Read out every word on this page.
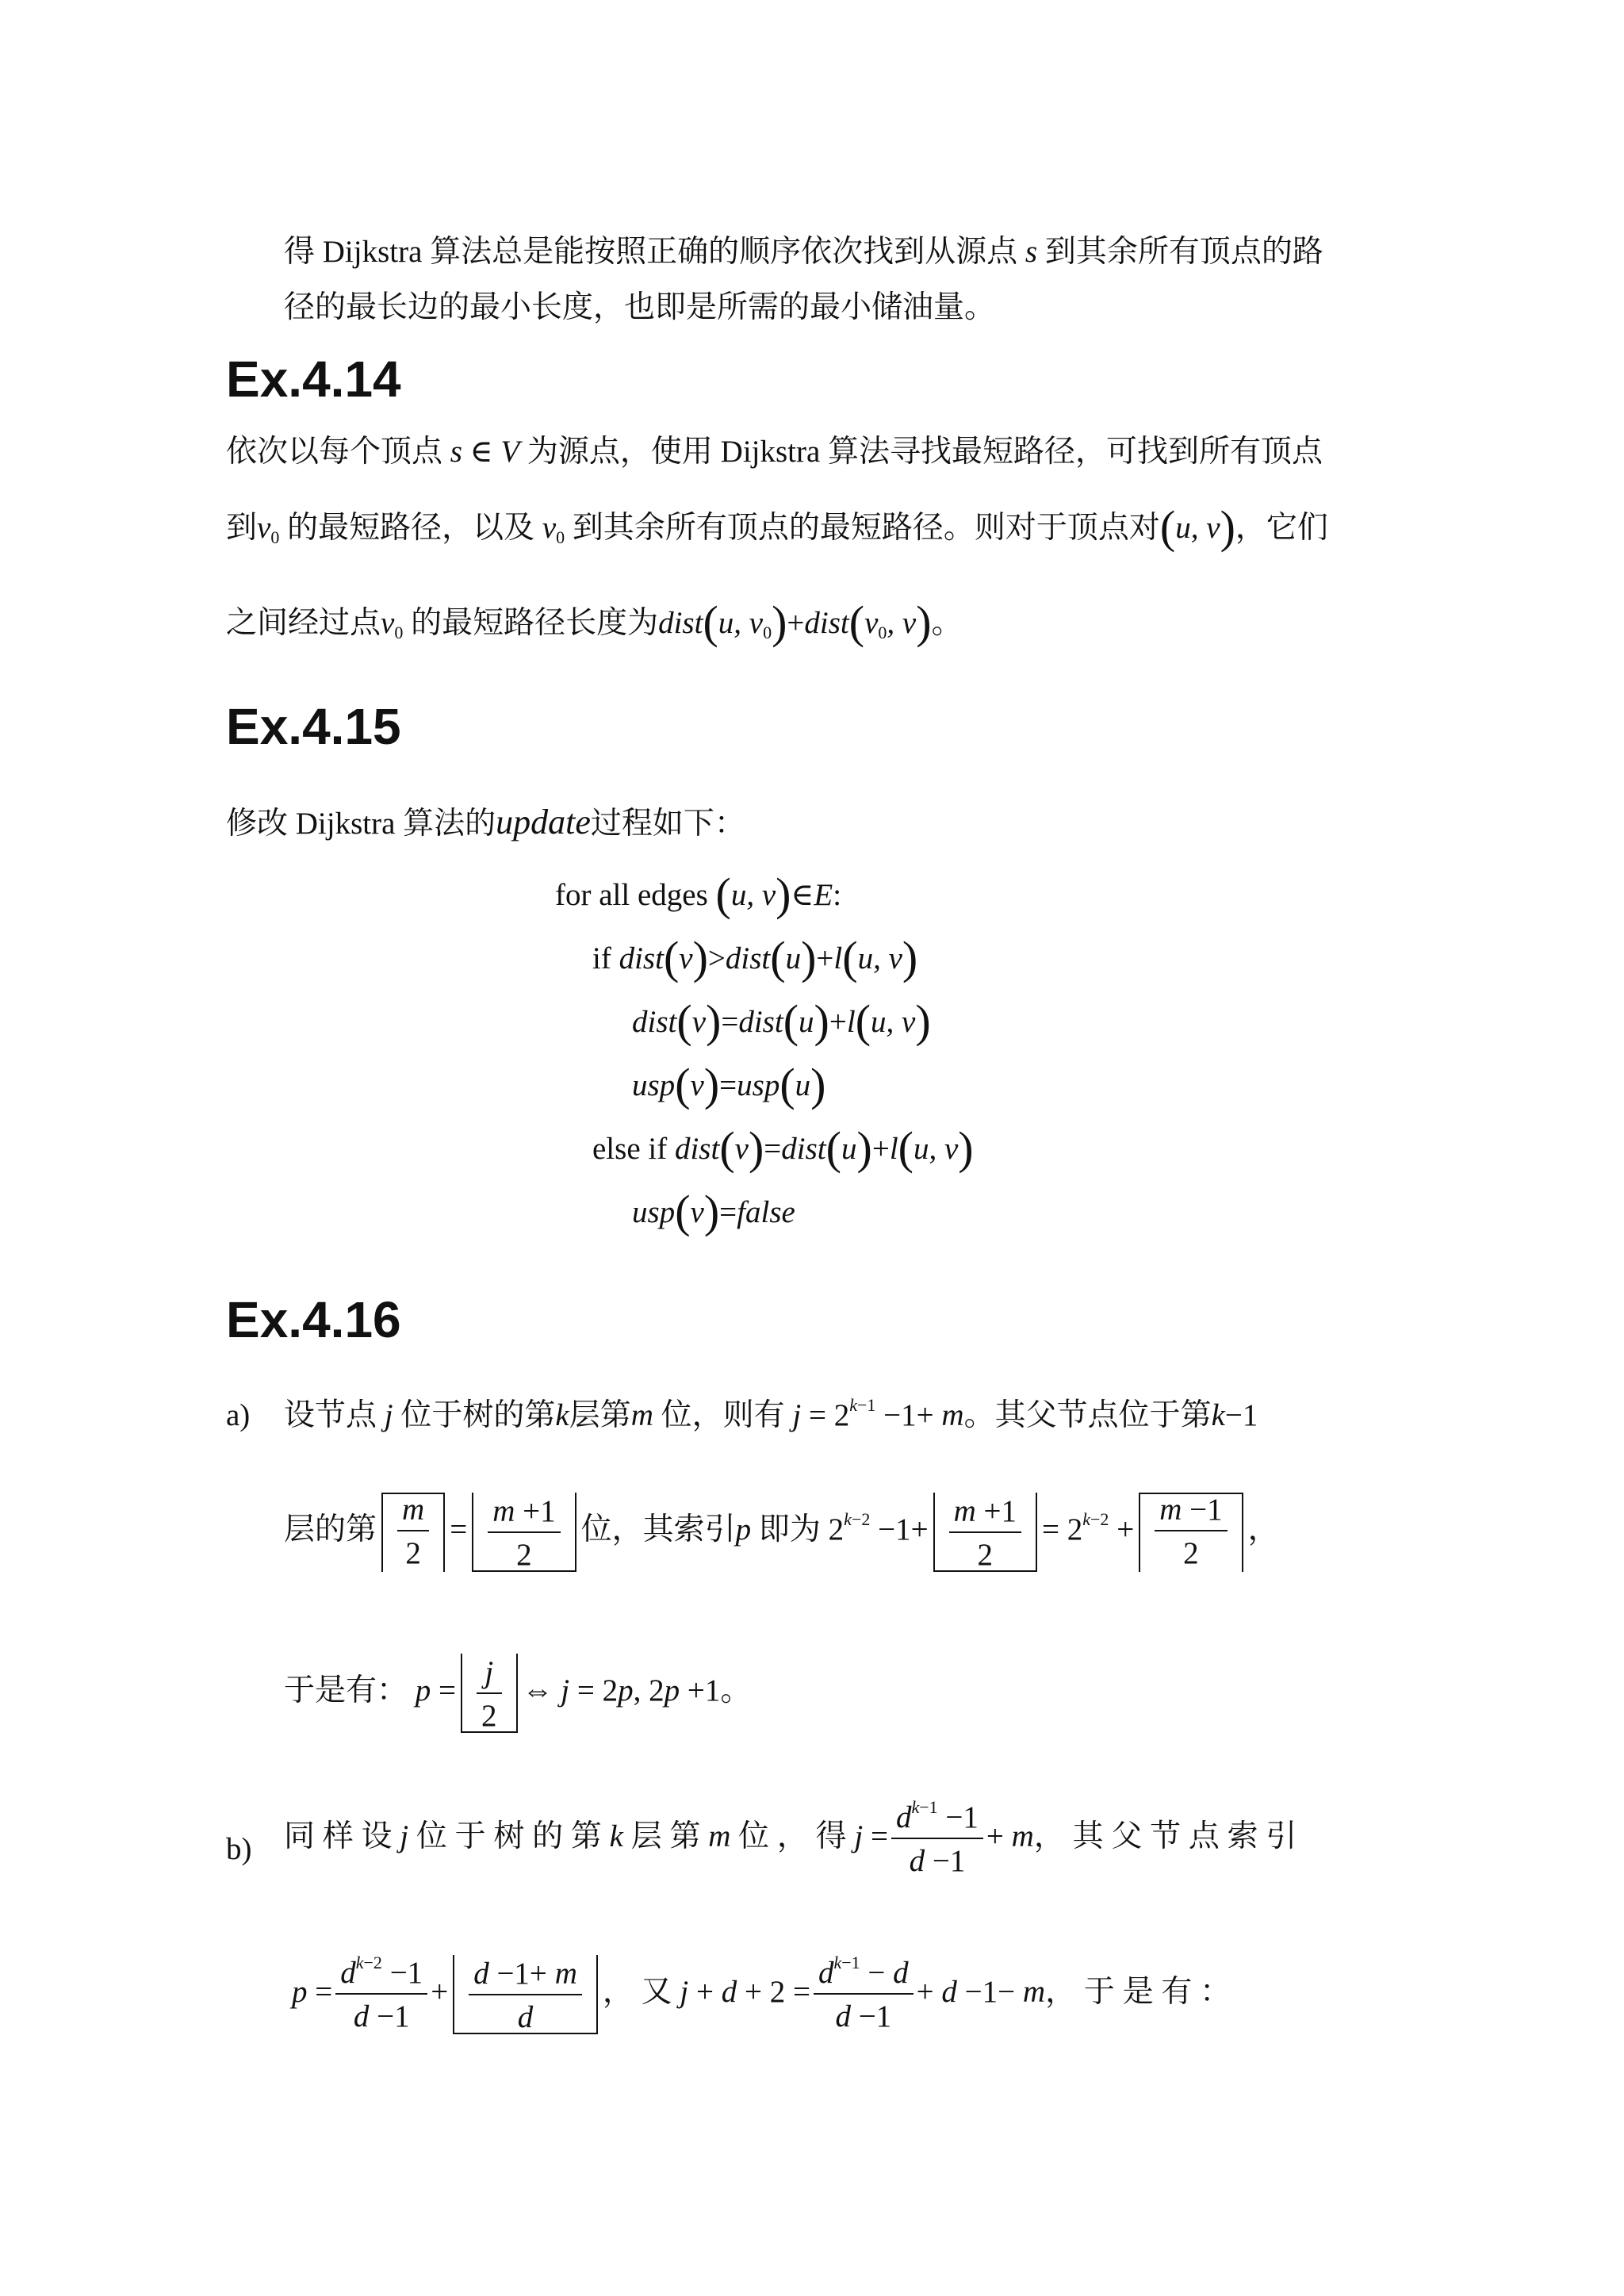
得 Dijkstra 算法总是能按照正确的顺序依次找到从源点 s 到其余所有顶点的路
径的最长边的最小长度，也即是所需的最小储油量。
Ex.4.14
依次以每个顶点 s ∈ V 为源点，使用 Dijkstra 算法寻找最短路径，可找到所有顶点
到$v_0$ 的最短路径，以及 $v_0$ 到其余所有顶点的最短路径。则对于顶点对(u, v)，它们
之间经过点$v_0$ 的最短路径长度为dist(u, $v_0)+dist(v_0$, v)。
Ex.4.15
修改 Dijkstra 算法的update过程如下：
for all edges (u, v)∈E:
if dist(v)>dist(u)+l(u, v)
dist(v)=dist(u)+l(u, v)
usp(v)=usp(u)
else if dist(v)=dist(u)+l(u, v)
usp(v)=false
Ex.4.16
a) 设节点 j 位于树的第k层第m 位，则有 $j = 2^{k-1} -1+ m$。其父节点位于第k−1
层的第 $\frac{m}{2} = \frac{m +1}{2}$ 位，其索引p 即为 $2^{k-2} -1+ \frac{m +1}{2} = 2^{k-2} + \frac{m -1}{2}$ ，
于是有： $p = \frac{j}{2}$ ⇔ j = 2p, 2p +1。
b) 同 样 设 j 位 于 树 的 第 k 层 第 m 位 ， 得 $j = \frac{d^{k-1} -1}{d -1} + m$， 其 父 节 点 索 引
$p = \frac{d^{k-2} -1}{d -1} + \frac{d -1+ m}{d}$ ， 又 $j + d + 2 = \frac{d^{k-1} - d}{d -1} + d -1- m$， 于 是 有 ：
